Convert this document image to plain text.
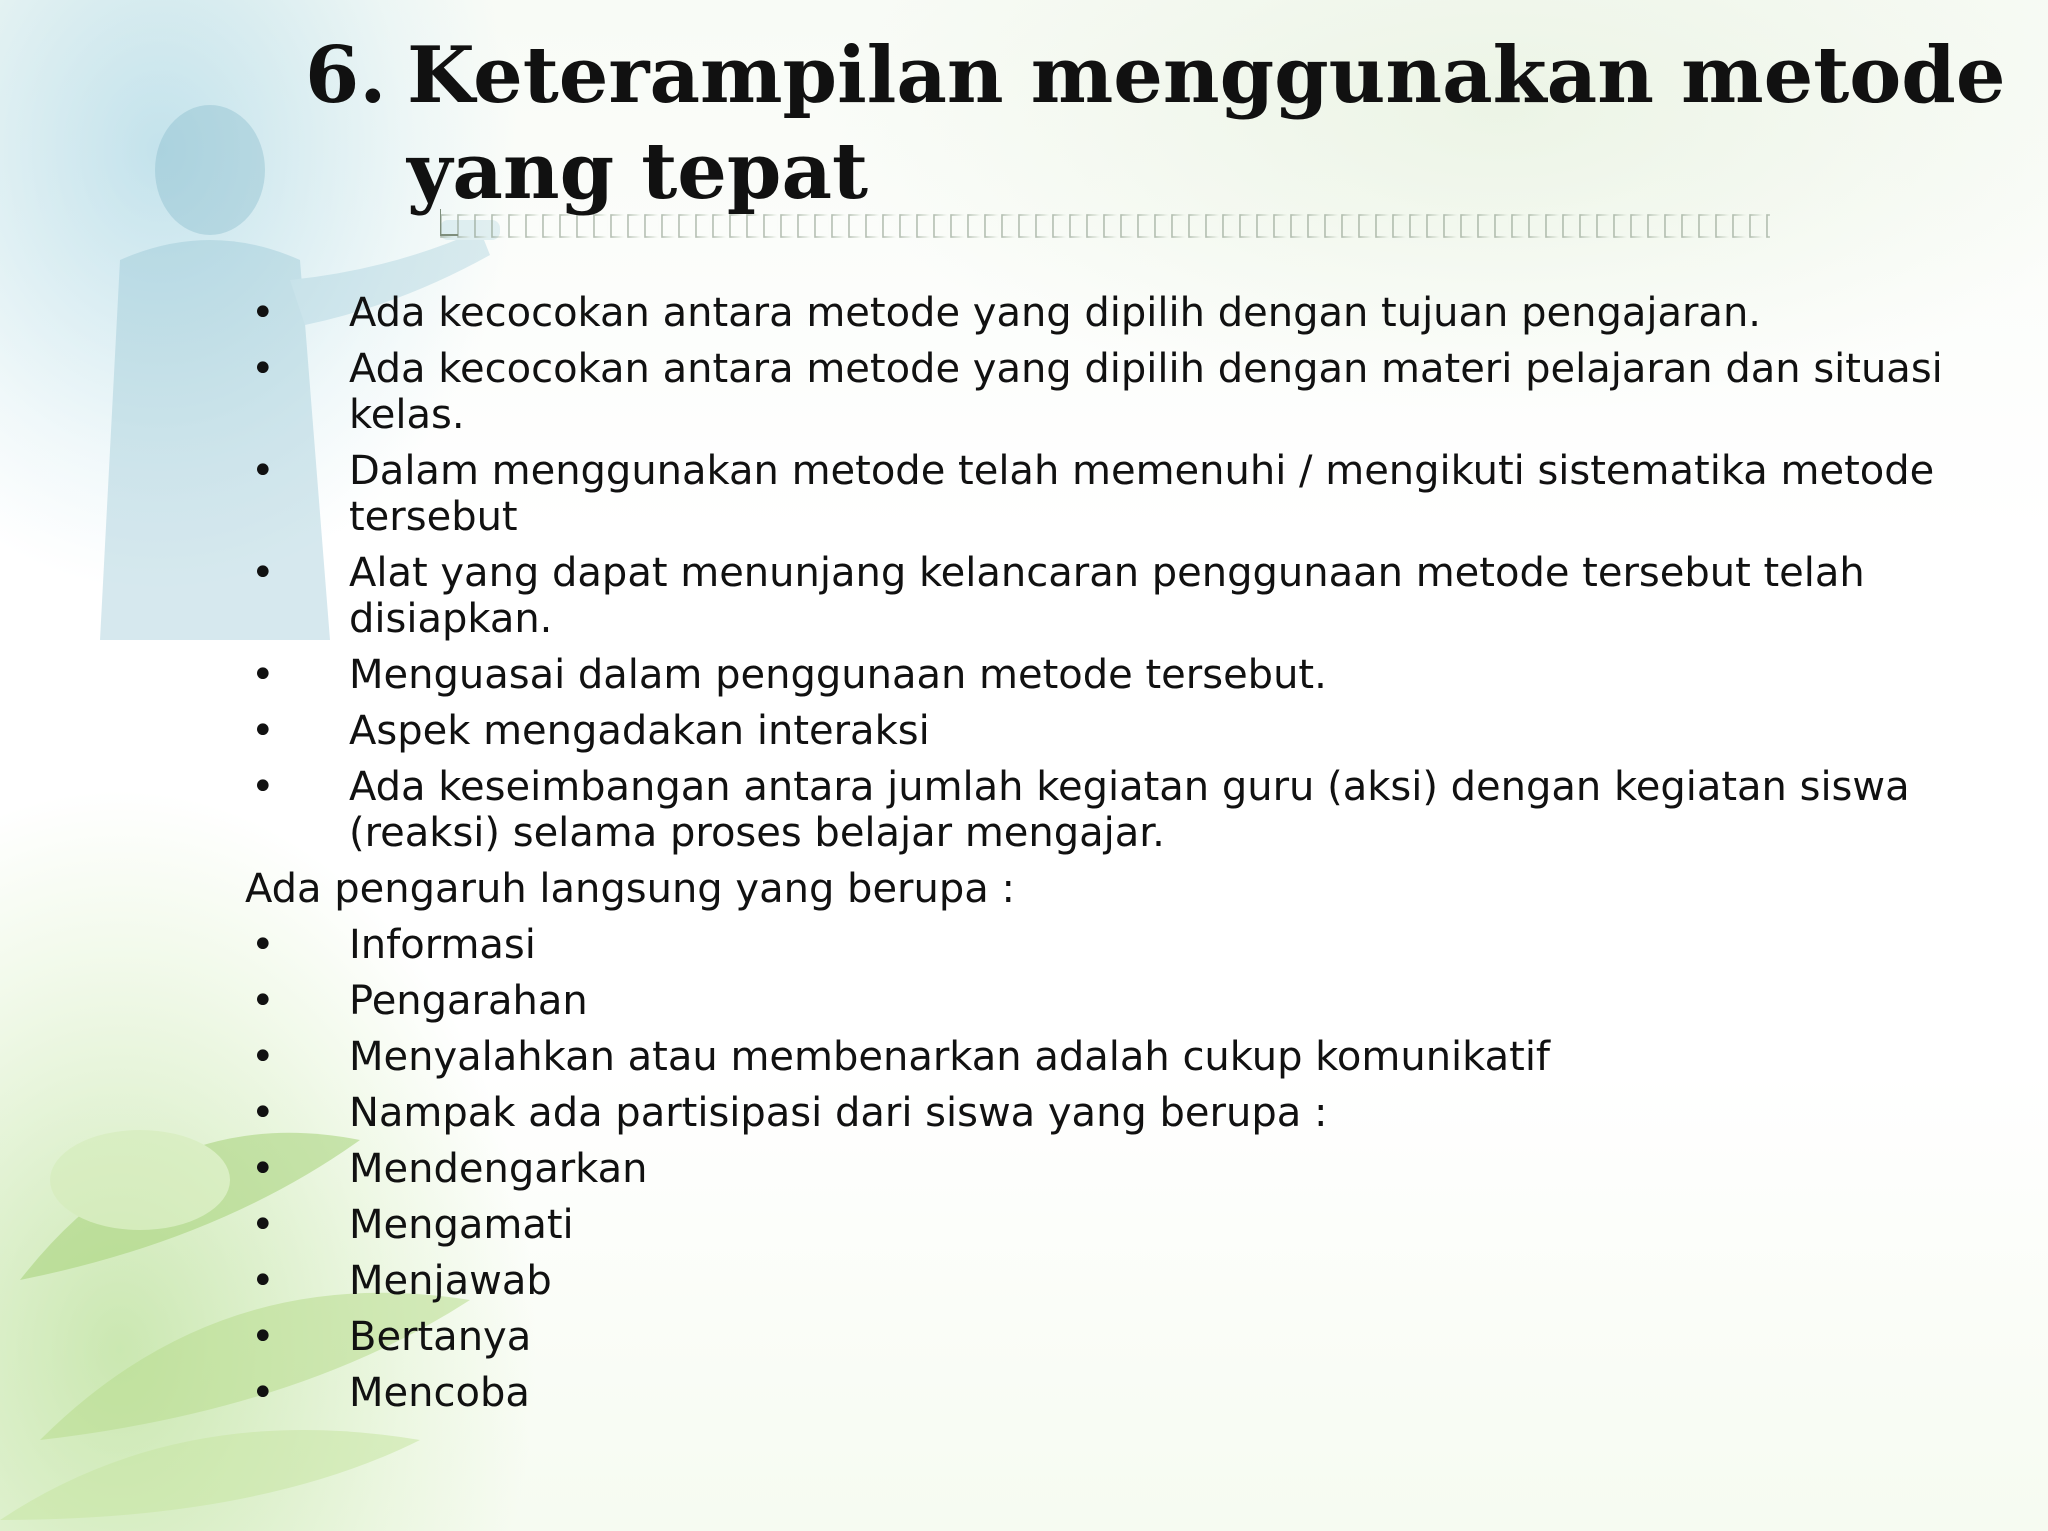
6. Keterampilan menggunakan metode
yang tepat
• Ada kecocokan antara metode yang dipilih dengan tujuan pengajaran.
• Ada kecocokan antara metode yang dipilih dengan materi pelajaran dan situasi kelas.
• Dalam menggunakan metode telah memenuhi / mengikuti sistematika metode tersebut
• Alat yang dapat menunjang kelancaran penggunaan metode tersebut telah disiapkan.
• Menguasai dalam penggunaan metode tersebut.
• Aspek mengadakan interaksi
• Ada keseimbangan antara jumlah kegiatan guru (aksi) dengan kegiatan siswa (reaksi) selama proses belajar mengajar.

Ada pengaruh langsung yang berupa :

• Informasi
• Pengarahan
• Menyalahkan atau membenarkan adalah cukup komunikatif
• Nampak ada partisipasi dari siswa yang berupa :
• Mendengarkan
• Mengamati
• Menjawab
• Bertanya
• Mencoba
